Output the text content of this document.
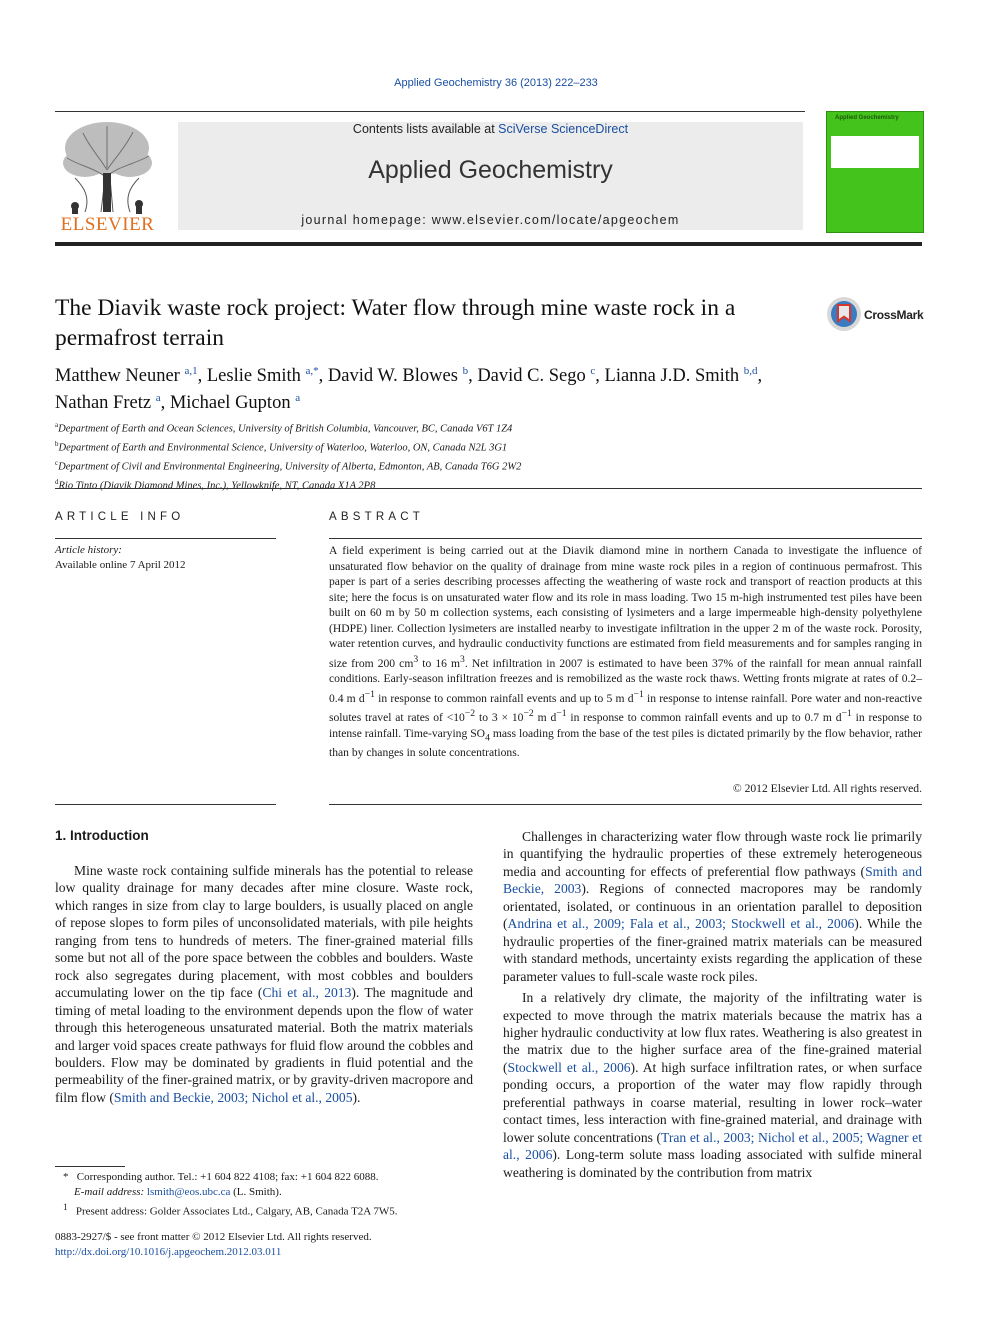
Applied Geochemistry 36 (2013) 222–233
ELSEVIER
Contents lists available at SciVerse ScienceDirect
Applied Geochemistry
journal homepage: www.elsevier.com/locate/apgeochem
Applied Geochemistry
The Diavik waste rock project: Water flow through mine waste rock in a permafrost terrain
CrossMark
Matthew Neuner $^{a,1}$, Leslie Smith $^{a,*}$, David W. Blowes $^b$, David C. Sego $^c$, Lianna J.D. Smith $^{b,d}$,
Nathan Fretz $^a$, Michael Gupton $^a$
$^a$Department of Earth and Ocean Sciences, University of British Columbia, Vancouver, BC, Canada V6T 1Z4
$^b$Department of Earth and Environmental Science, University of Waterloo, Waterloo, ON, Canada N2L 3G1
$^c$Department of Civil and Environmental Engineering, University of Alberta, Edmonton, AB, Canada T6G 2W2
$^d$Rio Tinto (Diavik Diamond Mines, Inc.), Yellowknife, NT, Canada X1A 2P8
ARTICLE INFO	ABSTRACT
Article history:
Available online 7 April 2012
A field experiment is being carried out at the Diavik diamond mine in northern Canada to investigate the influence of unsaturated flow behavior on the quality of drainage from mine waste rock piles in a region of continuous permafrost. This paper is part of a series describing processes affecting the weathering of waste rock and transport of reaction products at this site; here the focus is on unsaturated water flow and its role in mass loading. Two 15 m-high instrumented test piles have been built on 60 m by 50 m collection systems, each consisting of lysimeters and a large impermeable high-density polyethylene (HDPE) liner. Collection lysimeters are installed nearby to investigate infiltration in the upper 2 m of the waste rock. Porosity, water retention curves, and hydraulic conductivity functions are estimated from field measurements and for samples ranging in size from 200 $cm^3$ to 16 $m^3$. Net infiltration in 2007 is estimated to have been 37% of the rainfall for mean annual rainfall conditions. Early-season infiltration freezes and is remobilized as the waste rock thaws. Wetting fronts migrate at rates of 0.2–0.4 m $d^{-1}$ in response to common rainfall events and up to 5 m $d^{-1}$ in response to intense rainfall. Pore water and non-reactive solutes travel at rates of $<10^{-2}$ to $3 \times 10^{-2}$ m $d^{-1}$ in response to common rainfall events and up to 0.7 m $d^{-1}$ in response to intense rainfall. Time-varying $SO_4$ mass loading from the base of the test piles is dictated primarily by the flow behavior, rather than by changes in solute concentrations.
© 2012 Elsevier Ltd. All rights reserved.
1. Introduction

Mine waste rock containing sulfide minerals has the potential to release low quality drainage for many decades after mine closure. Waste rock, which ranges in size from clay to large boulders, is usually placed on angle of repose slopes to form piles of unconsolidated materials, with pile heights ranging from tens to hundreds of meters. The finer-grained material fills some but not all of the pore space between the cobbles and boulders. Waste rock also segregates during placement, with most cobbles and boulders accumulating lower on the tip face (Chi et al., 2013). The magnitude and timing of metal loading to the environment depends upon the flow of water through this heterogeneous unsaturated material. Both the matrix materials and larger void spaces create pathways for fluid flow around the cobbles and boulders. Flow may be dominated by gradients in fluid potential and the permeability of the finer-grained matrix, or by gravity-driven macropore and film flow (Smith and Beckie, 2003; Nichol et al., 2005).

Challenges in characterizing water flow through waste rock lie primarily in quantifying the hydraulic properties of these extremely heterogeneous media and accounting for effects of preferential flow pathways (Smith and Beckie, 2003). Regions of connected macropores may be randomly orientated, isolated, or continuous in an orientation parallel to deposition (Andrina et al., 2009; Fala et al., 2003; Stockwell et al., 2006). While the hydraulic properties of the finer-grained matrix materials can be measured with standard methods, uncertainty exists regarding the application of these parameter values to full-scale waste rock piles.

In a relatively dry climate, the majority of the infiltrating water is expected to move through the matrix materials because the matrix has a higher hydraulic conductivity at low flux rates. Weathering is also greatest in the matrix due to the higher surface area of the fine-grained material (Stockwell et al., 2006). At high surface infiltration rates, or when surface ponding occurs, a proportion of the water may flow rapidly through preferential pathways in coarse material, resulting in lower rock–water contact times, less interaction with fine-grained material, and drainage with lower solute concentrations (Tran et al., 2003; Nichol et al., 2005; Wagner et al., 2006). Long-term solute mass loading associated with sulfide mineral weathering is dominated by the contribution from matrix

* Corresponding author. Tel.: +1 604 822 4108; fax: +1 604 822 6088.
E-mail address: lsmith@eos.ubc.ca (L. Smith).
$^1$ Present address: Golder Associates Ltd., Calgary, AB, Canada T2A 7W5.
0883-2927/$ - see front matter © 2012 Elsevier Ltd. All rights reserved.
http://dx.doi.org/10.1016/j.apgeochem.2012.03.011
